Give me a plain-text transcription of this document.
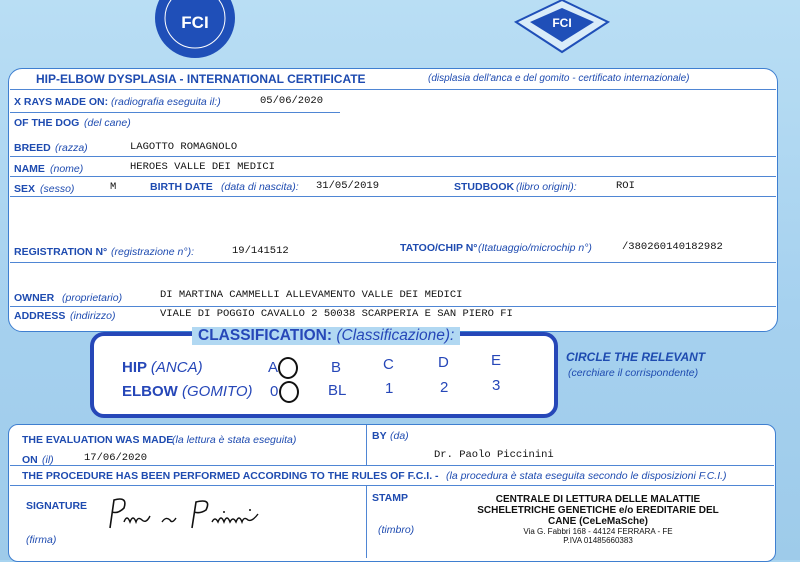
FCI	FCI
HIP-ELBOW DYSPLASIA - INTERNATIONAL CERTIFICATE	(displasia dell'anca e del gomito - certificato internazionale)
X RAYS MADE ON: (radiografia eseguita il:)	05/06/2020
OF THE DOG (del cane)
BREED (razza)	LAGOTTO ROMAGNOLO
NAME (nome)	HEROES VALLE DEI MEDICI
SEX (sesso)	M	BIRTH DATE (data di nascita): 31/05/2019	STUDBOOK (libro origini):	ROI
REGISTRATION N° (registrazione n°):	19/141512	TATOO/CHIP N° (Itatuaggio/microchip n°)	/380260140182982
OWNER (proprietario)	DI MARTINA CAMMELLI ALLEVAMENTO VALLE DEI MEDICI
ADDRESS (indirizzo)	VIALE DI POGGIO CAVALLO 2 50038 SCARPERIA E SAN PIERO FI
CLASSIFICATION: (Classificazione):
HIP (ANCA)	A	B	C	D	E
ELBOW (GOMITO) 0	BL	1	2	3
CIRCLE THE RELEVANT
(cerchiare il corrispondente)
THE EVALUATION WAS MADE
(la lettura è stata eseguita)	BY (da)
ON (il)	17/06/2020	Dr. Paolo Piccinini
THE PROCEDURE HAS BEEN PERFORMED ACCORDING TO THE RULES OF F.C.I. - (la procedura è stata eseguita secondo le disposizioni F.C.I.)
SIGNATURE
(firma)
STAMP
(timbro)
CENTRALE DI LETTURA DELLE MALATTIE
SCHELETRICHE GENETICHE e/o EREDITARIE DEL
CANE (CeLeMaSche)
Via G. Fabbri 168 - 44124 FERRARA - FE
P.IVA 01485660383
